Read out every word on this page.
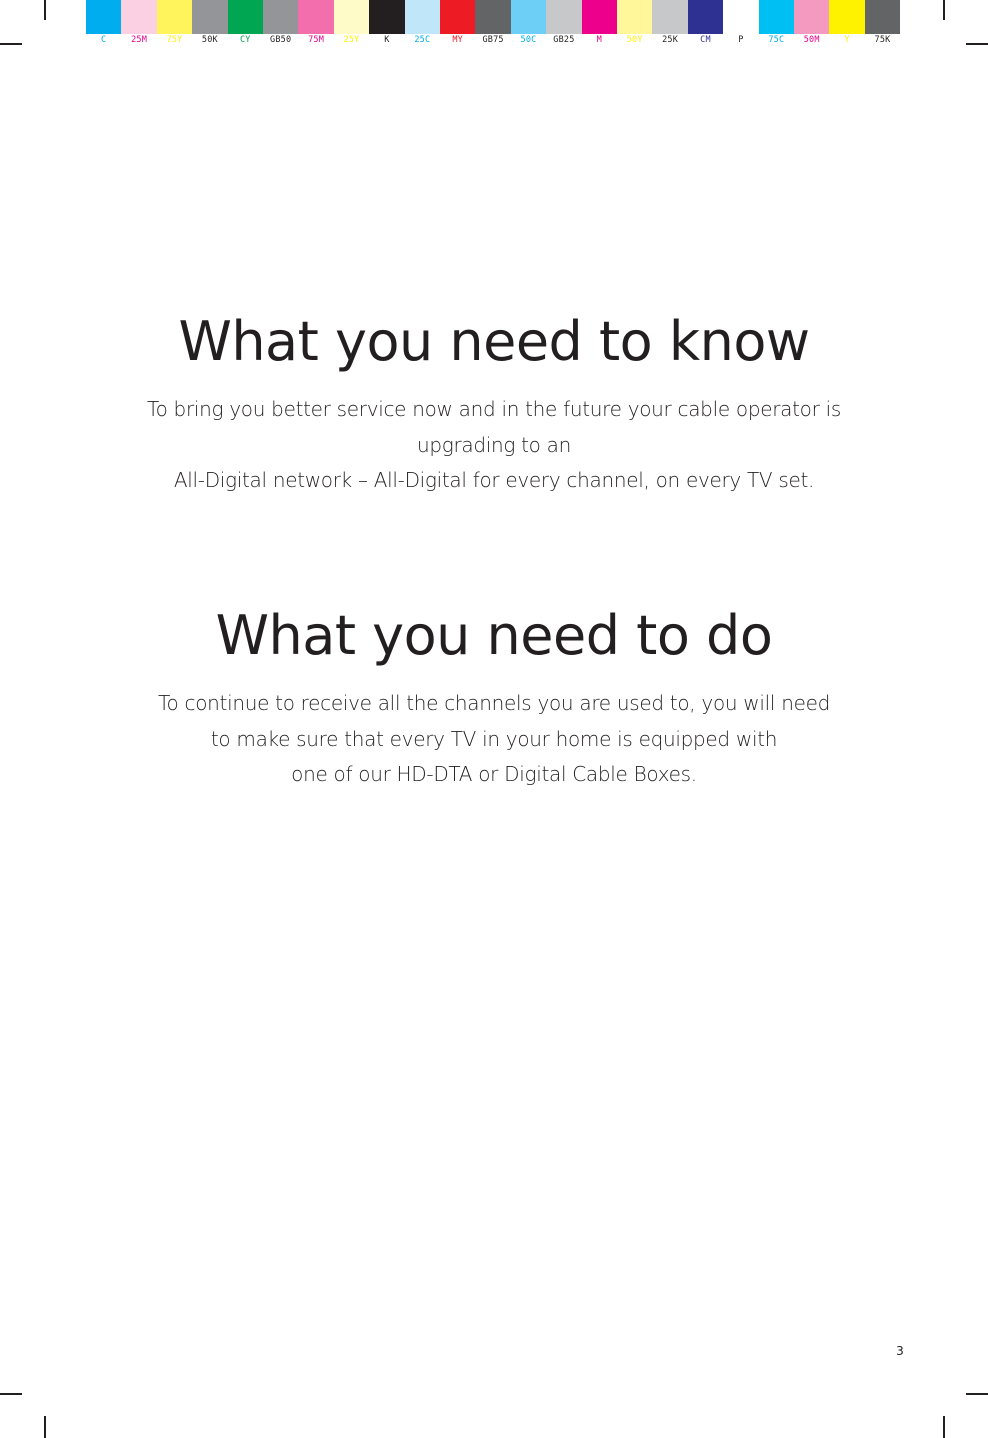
C	25M	75Y	50K	CY	GB50	75M	25Y	K	25C	MY	GB75	50C	GB25	M	50Y	25K	CM	P	75C	50M	Y	75K
What you need to know

To bring you better service now and in the future your cable operator is

upgrading to an

All-Digital network – All-Digital for every channel, on every TV set.

What you need to do

To continue to receive all the channels you are used to, you will need

to make sure that every TV in your home is equipped with

one of our HD-DTA or Digital Cable Boxes.

3
